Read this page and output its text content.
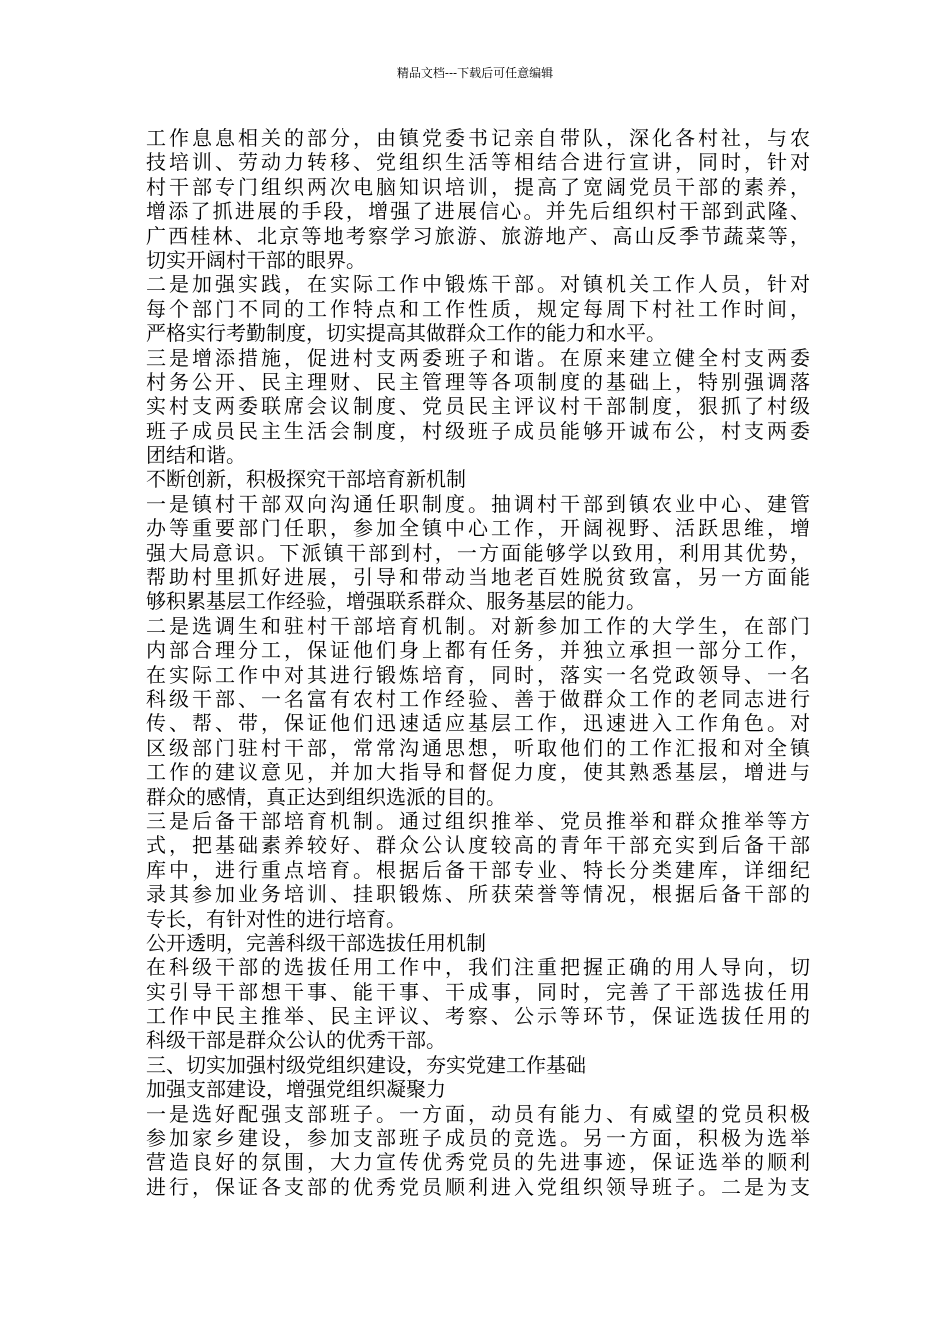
精品文档---下载后可任意编辑
工作息息相关的部分，由镇党委书记亲自带队，深化各村社，与农
技培训、劳动力转移、党组织生活等相结合进行宣讲，同时，针对
村干部专门组织两次电脑知识培训，提高了宽阔党员干部的素养，
增添了抓进展的手段，增强了进展信心。并先后组织村干部到武隆、
广西桂林、北京等地考察学习旅游、旅游地产、高山反季节蔬菜等，
切实开阔村干部的眼界。
二是加强实践，在实际工作中锻炼干部。对镇机关工作人员，针对
每个部门不同的工作特点和工作性质，规定每周下村社工作时间，
严格实行考勤制度，切实提高其做群众工作的能力和水平。
三是增添措施，促进村支两委班子和谐。在原来建立健全村支两委
村务公开、民主理财、民主管理等各项制度的基础上，特别强调落
实村支两委联席会议制度、党员民主评议村干部制度，狠抓了村级
班子成员民主生活会制度，村级班子成员能够开诚布公，村支两委
团结和谐。
不断创新，积极探究干部培育新机制
一是镇村干部双向沟通任职制度。抽调村干部到镇农业中心、建管
办等重要部门任职，参加全镇中心工作，开阔视野、活跃思维，增
强大局意识。下派镇干部到村，一方面能够学以致用，利用其优势，
帮助村里抓好进展，引导和带动当地老百姓脱贫致富，另一方面能
够积累基层工作经验，增强联系群众、服务基层的能力。
二是选调生和驻村干部培育机制。对新参加工作的大学生，在部门
内部合理分工，保证他们身上都有任务，并独立承担一部分工作，
在实际工作中对其进行锻炼培育，同时，落实一名党政领导、一名
科级干部、一名富有农村工作经验、善于做群众工作的老同志进行
传、帮、带，保证他们迅速适应基层工作，迅速进入工作角色。对
区级部门驻村干部，常常沟通思想，听取他们的工作汇报和对全镇
工作的建议意见，并加大指导和督促力度，使其熟悉基层，增进与
群众的感情，真正达到组织选派的目的。
三是后备干部培育机制。通过组织推举、党员推举和群众推举等方
式，把基础素养较好、群众公认度较高的青年干部充实到后备干部
库中，进行重点培育。根据后备干部专业、特长分类建库，详细纪
录其参加业务培训、挂职锻炼、所获荣誉等情况，根据后备干部的
专长，有针对性的进行培育。
公开透明，完善科级干部选拔任用机制
在科级干部的选拔任用工作中，我们注重把握正确的用人导向，切
实引导干部想干事、能干事、干成事，同时，完善了干部选拔任用
工作中民主推举、民主评议、考察、公示等环节，保证选拔任用的
科级干部是群众公认的优秀干部。
三、切实加强村级党组织建设，夯实党建工作基础
加强支部建设，增强党组织凝聚力
一是选好配强支部班子。一方面，动员有能力、有威望的党员积极
参加家乡建设，参加支部班子成员的竞选。另一方面，积极为选举
营造良好的氛围，大力宣传优秀党员的先进事迹，保证选举的顺利
进行，保证各支部的优秀党员顺利进入党组织领导班子。二是为支
